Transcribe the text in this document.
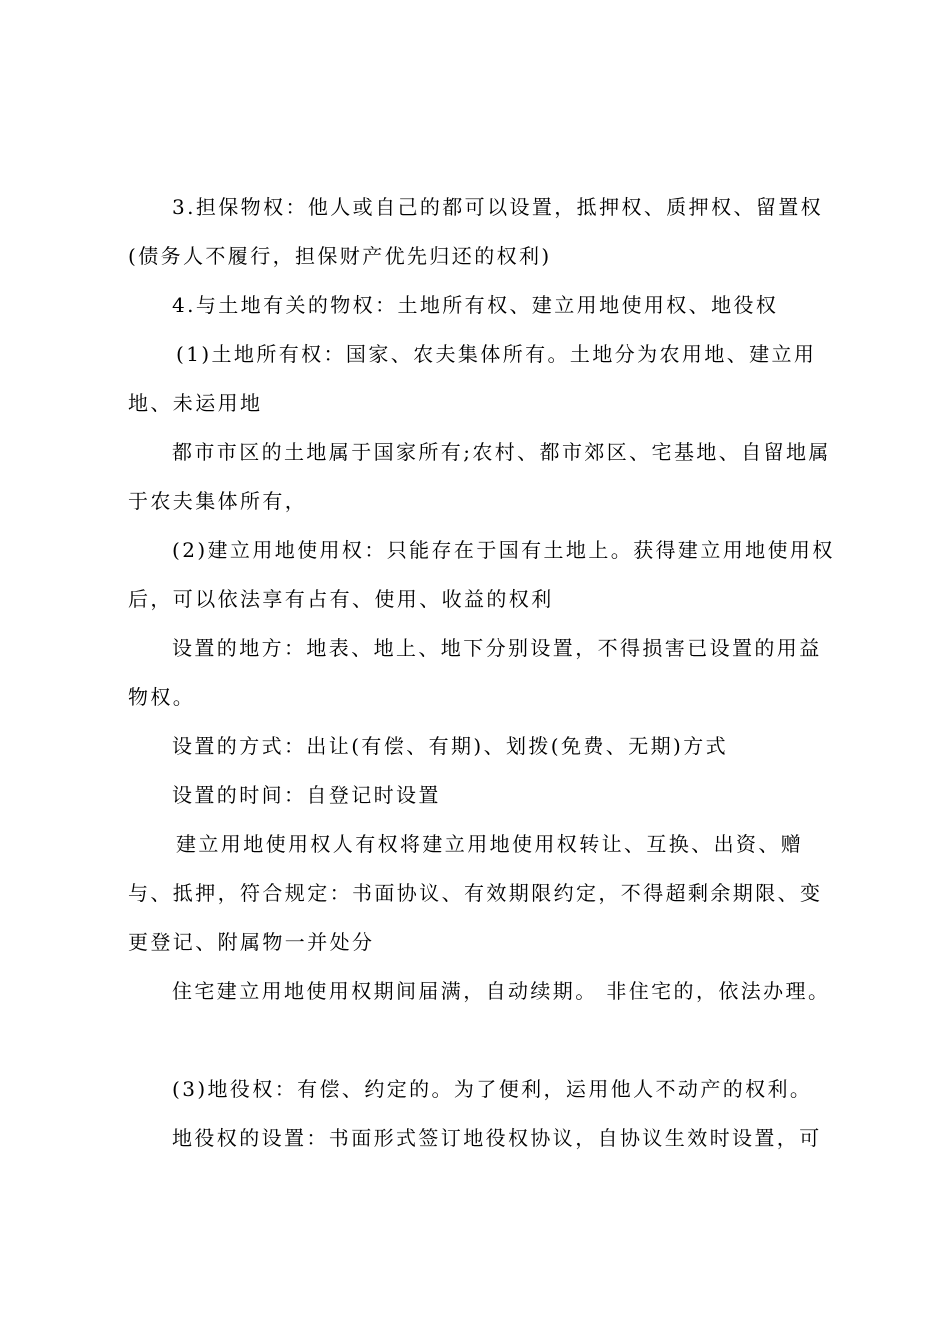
3.担保物权：他人或自己的都可以设置，抵押权、质押权、留置权
(债务人不履行，担保财产优先归还的权利)
4.与土地有关的物权：土地所有权、建立用地使用权、地役权
(1)土地所有权：国家、农夫集体所有。土地分为农用地、建立用
地、未运用地
都市市区的土地属于国家所有;农村、都市郊区、宅基地、自留地属
于农夫集体所有，
(2)建立用地使用权：只能存在于国有土地上。获得建立用地使用权
后，可以依法享有占有、使用、收益的权利
设置的地方：地表、地上、地下分别设置，不得损害已设置的用益
物权。
设置的方式：出让(有偿、有期)、划拨(免费、无期)方式
设置的时间：自登记时设置
建立用地使用权人有权将建立用地使用权转让、互换、出资、赠
与、抵押，符合规定：书面协议、有效期限约定，不得超剩余期限、变
更登记、附属物一并处分
住宅建立用地使用权期间届满，自动续期。 非住宅的，依法办理。
(3)地役权：有偿、约定的。为了便利，运用他人不动产的权利。
地役权的设置：书面形式签订地役权协议，自协议生效时设置，可
